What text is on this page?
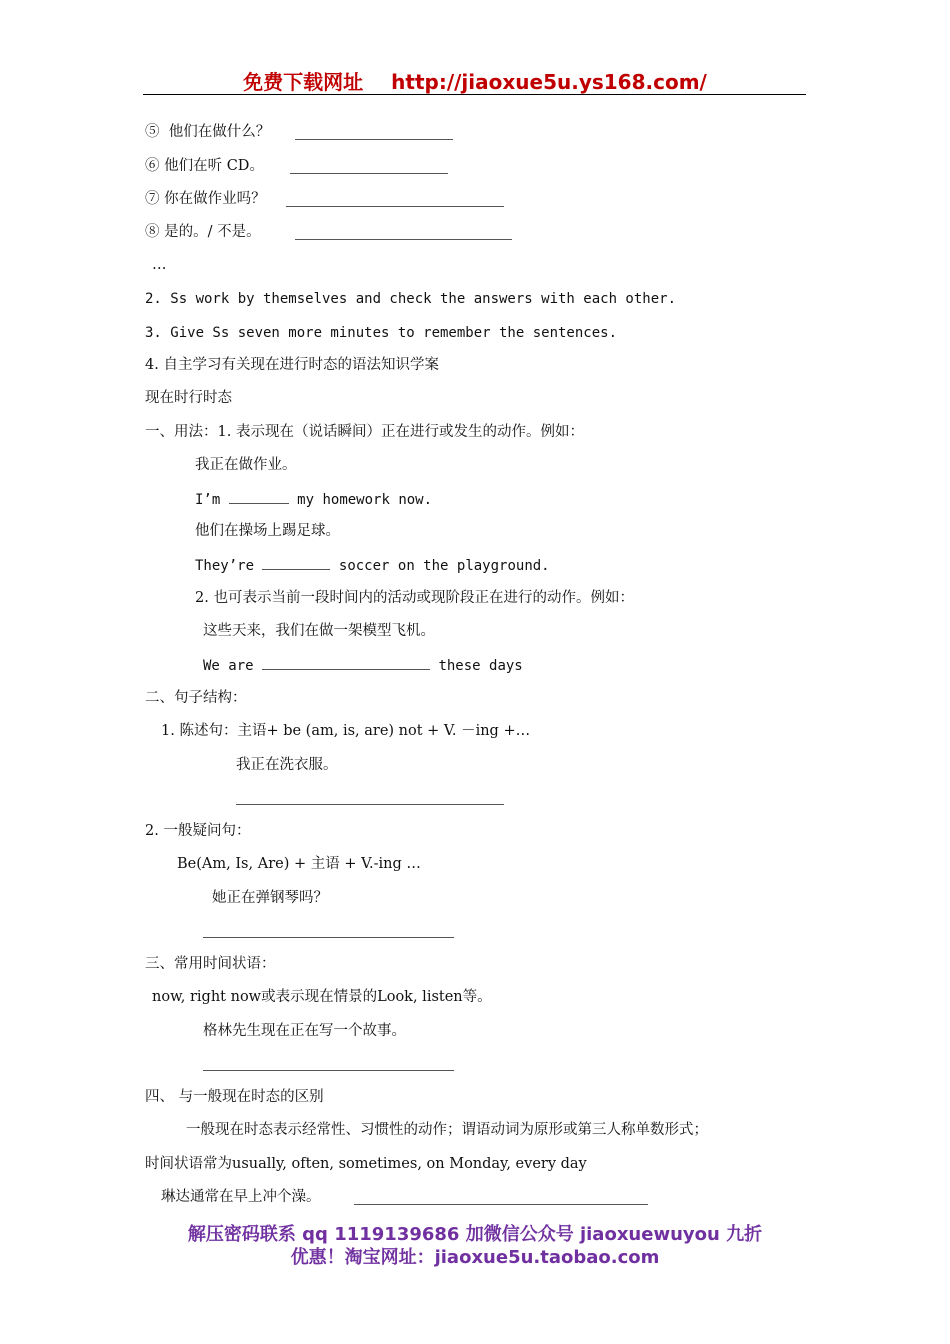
免费下载网址 http://jiaoxue5u.ys168.com/
⑤  他们在做什么？
⑥ 他们在听 CD。
⑦ 你在做作业吗？
⑧ 是的。/ 不是。
…
2. Ss work by themselves and check the answers with each other.
3. Give Ss seven more minutes to remember the sentences.
4. 自主学习有关现在进行时态的语法知识学案
现在时行时态
一、用法：1. 表示现在（说话瞬间）正在进行或发生的动作。例如：
我正在做作业。
I’m	my homework now.
他们在操场上踢足球。
They’re	soccer on the playground.
2. 也可表示当前一段时间内的活动或现阶段正在进行的动作。例如：
这些天来，我们在做一架模型飞机。
We are	these days
二、句子结构：
1. 陈述句：主语+ be (am, is, are) not + V. －ing +…
我正在洗衣服。
2. 一般疑问句：
Be(Am, Is, Are) + 主语 + V.-ing …
她正在弹钢琴吗？
三、常用时间状语：
now, right now或表示现在情景的Look, listen等。
格林先生现在正在写一个故事。
四、 与一般现在时态的区别
一般现在时态表示经常性、习惯性的动作；谓语动词为原形或第三人称单数形式；
时间状语常为usually, often, sometimes, on Monday, every day
琳达通常在早上冲个澡。
解压密码联系 qq 1119139686 加微信公众号 jiaoxuewuyou 九折
优惠！淘宝网址：jiaoxue5u.taobao.com
